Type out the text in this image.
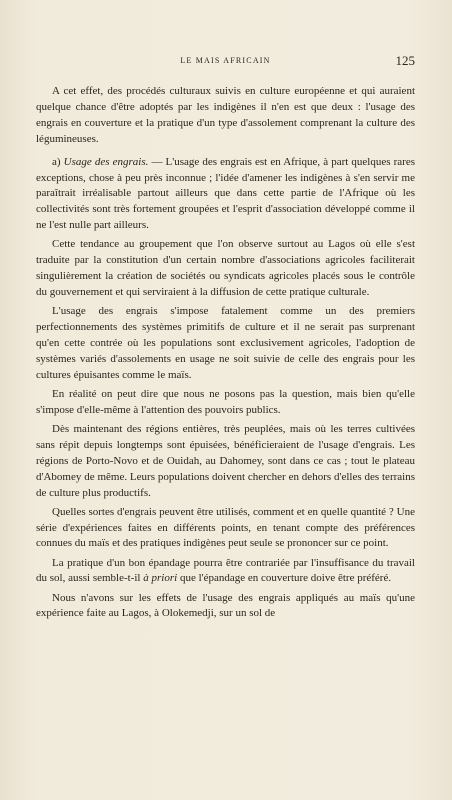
LE MAIS AFRICAIN	125

A cet effet, des procédés culturaux suivis en culture européenne et qui auraient quelque chance d'être adoptés par les indigènes il n'en est que deux : l'usage des engrais en couverture et la pratique d'un type d'assolement comprenant la culture des légumineuses.

a) Usage des engrais. — L'usage des engrais est en Afrique, à part quelques rares exceptions, chose à peu près inconnue ; l'idée d'amener les indigènes à s'en servir me paraîtrait irréalisable partout ailleurs que dans cette partie de l'Afrique où les collectivités sont très fortement groupées et l'esprit d'association développé comme il ne l'est nulle part ailleurs.

Cette tendance au groupement que l'on observe surtout au Lagos où elle s'est traduite par la constitution d'un certain nombre d'associations agricoles faciliterait singulièrement la création de sociétés ou syndicats agricoles placés sous le contrôle du gouvernement et qui serviraient à la diffusion de cette pratique culturale.

L'usage des engrais s'impose fatalement comme un des premiers perfectionnements des systèmes primitifs de culture et il ne serait pas surprenant qu'en cette contrée où les populations sont exclusivement agricoles, l'adoption de systèmes variés d'assolements en usage ne soit suivie de celle des engrais pour les cultures épuisantes comme le maïs.

En réalité on peut dire que nous ne posons pas la question, mais bien qu'elle s'impose d'elle-même à l'attention des pouvoirs publics.

Dès maintenant des régions entières, très peuplées, mais où les terres cultivées sans répit depuis longtemps sont épuisées, bénéficieraient de l'usage d'engrais. Les régions de Porto-Novo et de Ouidah, au Dahomey, sont dans ce cas ; tout le plateau d'Abomey de même. Leurs populations doivent chercher en dehors d'elles des terrains de culture plus productifs.

Quelles sortes d'engrais peuvent être utilisés, comment et en quelle quantité ? Une série d'expériences faites en différents points, en tenant compte des préférences connues du maïs et des pratiques indigènes peut seule se prononcer sur ce point.

La pratique d'un bon épandage pourra être contrariée par l'insuffisance du travail du sol, aussi semble-t-il à priori que l'épandage en couverture doive être préféré.

Nous n'avons sur les effets de l'usage des engrais appliqués au maïs qu'une expérience faite au Lagos, à Olokemedji, sur un sol de
